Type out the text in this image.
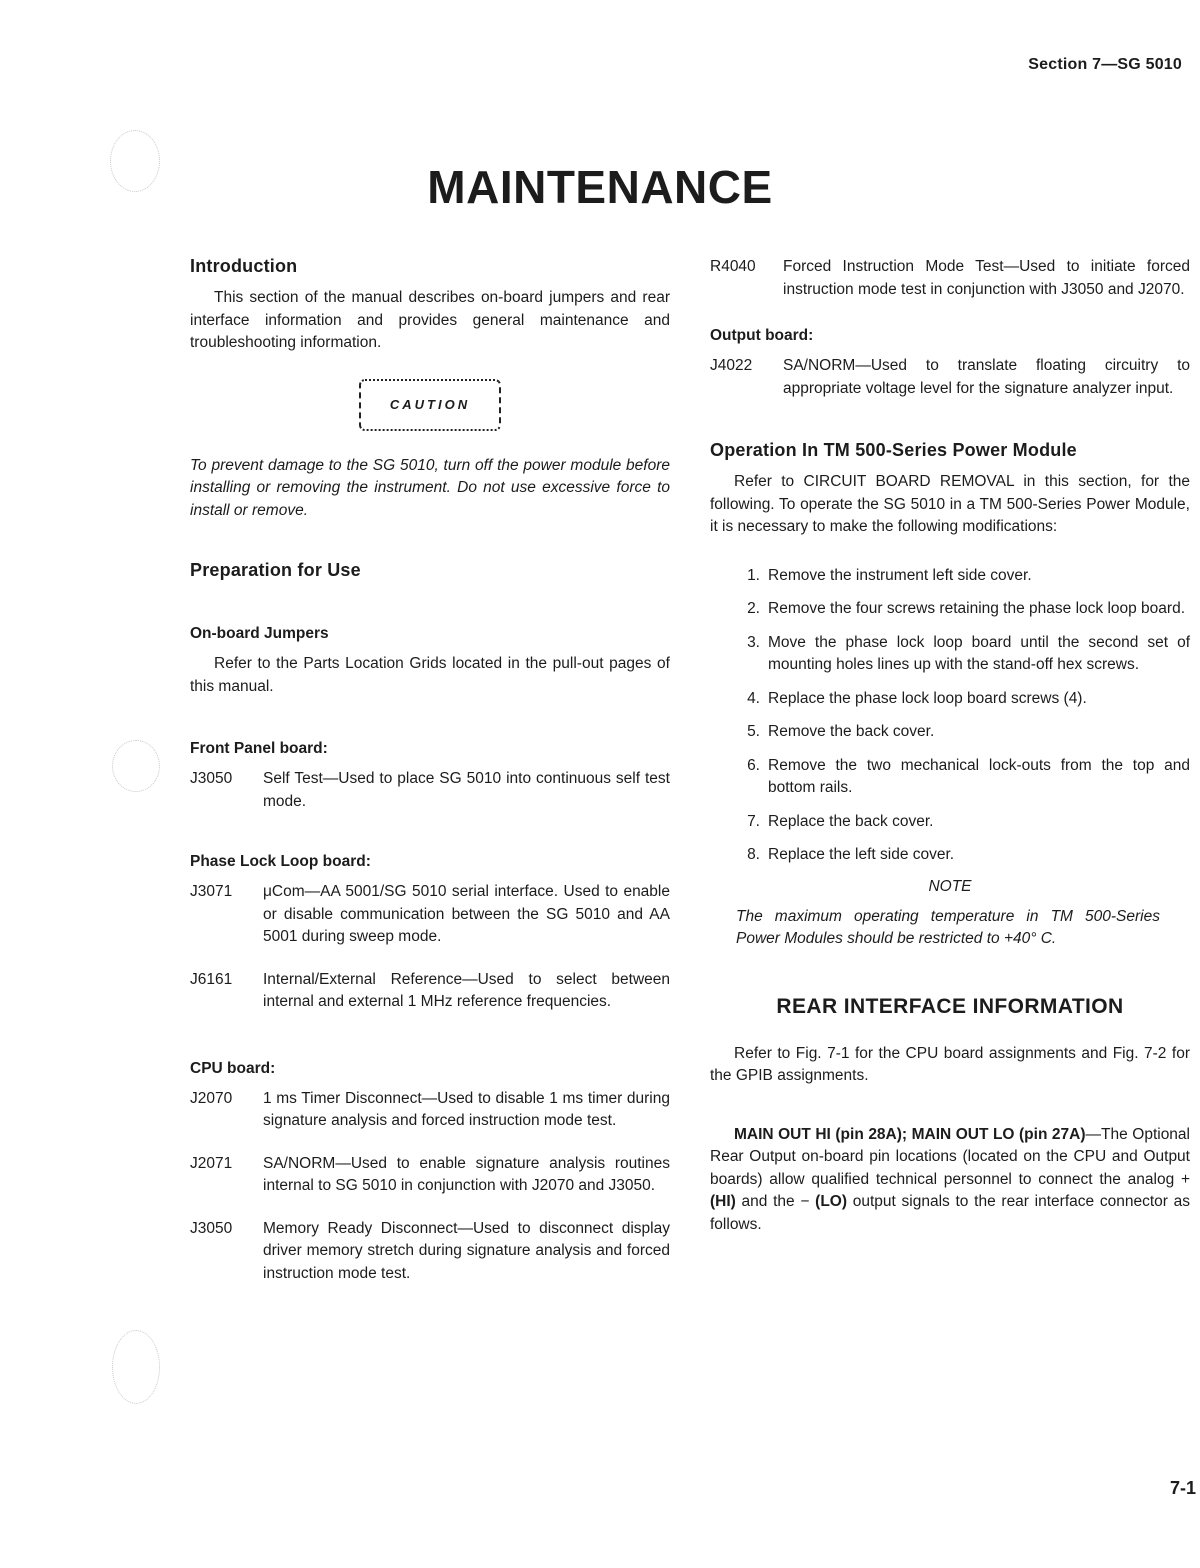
Section 7—SG 5010
MAINTENANCE
Introduction

This section of the manual describes on-board jumpers and rear interface information and provides general maintenance and troubleshooting information.

CAUTION

To prevent damage to the SG 5010, turn off the power module before installing or removing the instrument. Do not use excessive force to install or remove.

Preparation for Use
On-board Jumpers

Refer to the Parts Location Grids located in the pull-out pages of this manual.

Front Panel board:
J3050	Self Test—Used to place SG 5010 into continuous self test mode.
Phase Lock Loop board:
J3071	μCom—AA 5001/SG 5010 serial interface. Used to enable or disable communication between the SG 5010 and AA 5001 during sweep mode.
J6161	Internal/External Reference—Used to select between internal and external 1 MHz reference frequencies.
CPU board:
J2070	1 ms Timer Disconnect—Used to disable 1 ms timer during signature analysis and forced instruction mode test.
J2071	SA/NORM—Used to enable signature analysis routines internal to SG 5010 in conjunction with J2070 and J3050.
J3050	Memory Ready Disconnect—Used to disconnect display driver memory stretch during signature analysis and forced instruction mode test.
R4040	Forced Instruction Mode Test—Used to initiate forced instruction mode test in conjunction with J3050 and J2070.
Output board:
J4022	SA/NORM—Used to translate floating circuitry to appropriate voltage level for the signature analyzer input.
Operation In TM 500-Series Power Module

Refer to CIRCUIT BOARD REMOVAL in this section, for the following. To operate the SG 5010 in a TM 500-Series Power Module, it is necessary to make the following modifications:

1. Remove the instrument left side cover.
2. Remove the four screws retaining the phase lock loop board.
3. Move the phase lock loop board until the second set of mounting holes lines up with the stand-off hex screws.
4. Replace the phase lock loop board screws (4).
5. Remove the back cover.
6. Remove the two mechanical lock-outs from the top and bottom rails.
7. Replace the back cover.
8. Replace the left side cover.
NOTE

The maximum operating temperature in TM 500-Series Power Modules should be restricted to +40° C.

REAR INTERFACE INFORMATION

Refer to Fig. 7-1 for the CPU board assignments and Fig. 7-2 for the GPIB assignments.

MAIN OUT HI (pin 28A); MAIN OUT LO (pin 27A)—The Optional Rear Output on-board pin locations (located on the CPU and Output boards) allow qualified technical personnel to connect the analog + (HI) and the − (LO) output signals to the rear interface connector as follows.

7-1
